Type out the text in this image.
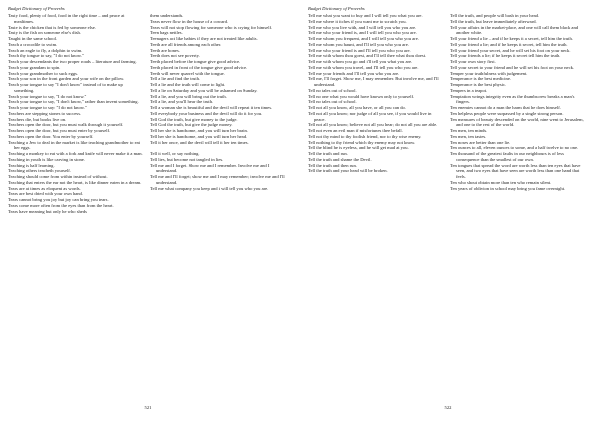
Budget Dictionary of Proverbs

Tasty food, plenty of food, food in the right time – and peace at mealtimes.

Taste is the chicken that is fed by someone else.

Tasty is the fish on someone else's dish.

Taught in the same school.

Teach a crocodile to swim.

Teach an eagle to fly, a dolphin to swim.

Teach thy tongue to say, "I do not know."

Teach your descendants the two proper roads – literature and farming.

Teach your grandam to spin.

Teach your grandmother to suck eggs.

Teach your son in the front garden and your wife on the pillow.

Teach your tongue to say "I don't know" instead of to make up something.

Teach your tongue to say, "I do not know."

Teach your tongue to say, "I don't know," rather than invent something.

Teach your tongue to say: "I do not know."

Teachers are stepping stones to success.

Teachers die, but books live on.

Teachers open the door, but you must walk through it yourself.

Teachers open the door, but you must enter by yourself.

Teachers open the door. You enter by yourself.

Teaching a Jew to deal in the market is like teaching grandmother to eat her eggs.

Teaching a monkey to eat with a fork and knife will never make it a man.

Teaching in youth is like carving in stone.

Teaching is half learning.

Teaching others teacheth yourself.

Teaching should come from within instead of without.

Teaching that enters the ear not the heart, is like dinner eaten in a dream.

Tears are at times as eloquent as words.

Tears are best dried with your own hand.

Tears cannot bring you joy but joy can bring you tears.

Tears come more often from the eyes than from the heart.

Tears have meaning but only he who sheds

them understands.

Tears never flow in the house of a coward.

Tears will not stop flowing for someone who is crying for himself.

Teen bags nettles.

Teenagers act like babies if they are not treated like adults.

Teeth are all friends among each other.

Teeth are bones.

Teeth does not see poverty.

Teeth placed before the tongue give good advice.

Teeth placed in front of the tongue give good advice.

Teeth will never quarrel with the tongue.

Tell a lie and find the truth.

Tell a lie and the truth will come to light.

Tell a lie on Saturday and you will be ashamed on Sunday.

Tell a lie, and you will bring out the truth.

Tell a lie, and you'll hear the truth.

Tell a woman she is beautiful and the devil will repeat it ten times.

Tell everybody your business and the devil will do it for you.

Tell God the truth, but give money to the judge.

Tell God the truth, but give the judge money.

Tell her she is handsome, and you will turn her brain.

Tell her she is handsome, and you will turn her head.

Tell it her once, and the devil will tell it her ten times.

Tell it well, or say nothing.

Tell lies, but become not tangled in lies.

Tell me and I forget. Show me and I remember. Involve me and I understand.

Tell me and I'll forget; show me and I may remember; involve me and I'll understand.

Tell me what company you keep and i will tell you who you are.

521
Budget Dictionary of Proverbs

Tell me what you want to buy and I will tell you what you are.

Tell me where it itches if you want me to scratch you.

Tell me who you live with, and I will tell you who you are.

Tell me who your friend is, and I will tell you who you are.

Tell me whom you frequent, and I will tell you who you are.

Tell me whom you haunt, and I'll tell you who you are.

Tell me who your friend is and I'll tell you who you are.

Tell me with whom thou goest, and I'll tell thee what thou doest.

Tell me with whom you go and i'll tell you what you are.

Tell me with whom you travel, and I'll tell you who you are.

Tell me your friends and I'll tell you who you are.

Tell me, I'll forget. Show me, I may remember. But involve me, and I'll understand.

Tell no tales out of school.

Tell no one what you would have known only to yourself.

Tell no tales out of school.

Tell not all you know, all you have, or all you can do.

Tell not all you know; nor judge of all you see, if you would live in peace.

Tell not all you know; believe not all you hear; do not all you are able.

Tell not even an evil man if misfortunes thee befall.

Tell not thy mind to thy foolish friend, nor to thy wise enemy.

Tell nothing to thy friend which thy enemy may not know.

Tell the blind he is eyeless, and he will get mad at you.

Tell the truth and run.

Tell the truth and shame the Devil.

Tell the truth and then run.

Tell the truth and your head will be broken.

Tell the truth, and people will bash in your head.

Tell the truth, but leave immediately afterward.

Tell your affairs in the market-place, and one will call them black and another white.

Tell your friend a lie – and if he keeps it a secret, tell him the truth.

Tell your friend a lie; and if he keeps it secret, tell him the truth.

Tell your friend your secret, and he will set his foot on your neck.

Tell your friends a lie; if he keeps it secret tell him the truth.

Tell your own story first.

Tell your secret to your friend and he will set his foot on your neck.

Temper your truthfulness with judgement.

Temperance is the best medicine.

Temperance is the best physic.

Tempers in a teapot.

Temptation wrings integrity even as the thumbscrew breaks a man's fingers.

Ten enemies cannot do a man the harm that he does himself.

Ten helpless people were surpassed by a single strong person.

Ten measures of beauty descended on the world, nine went to Jerusalem, and one to the rest of the world.

Ten men, ten minds.

Ten men, ten tastes.

Ten noses are better than one lie.

Ten ounces to all, eleven ounces to some, and a half twelve to no one.

Ten thousand of the greatest faults in our neighbours is of less consequence than the smallest of our own.

Ten tongues that spread the word are worth less than ten eyes that have seen, and two eyes that have seen are worth less than one hand that feels.

Ten who shout obtain more than ten who remain silent.

Ten years of oblivion in school may bring you fame overnight.

522
